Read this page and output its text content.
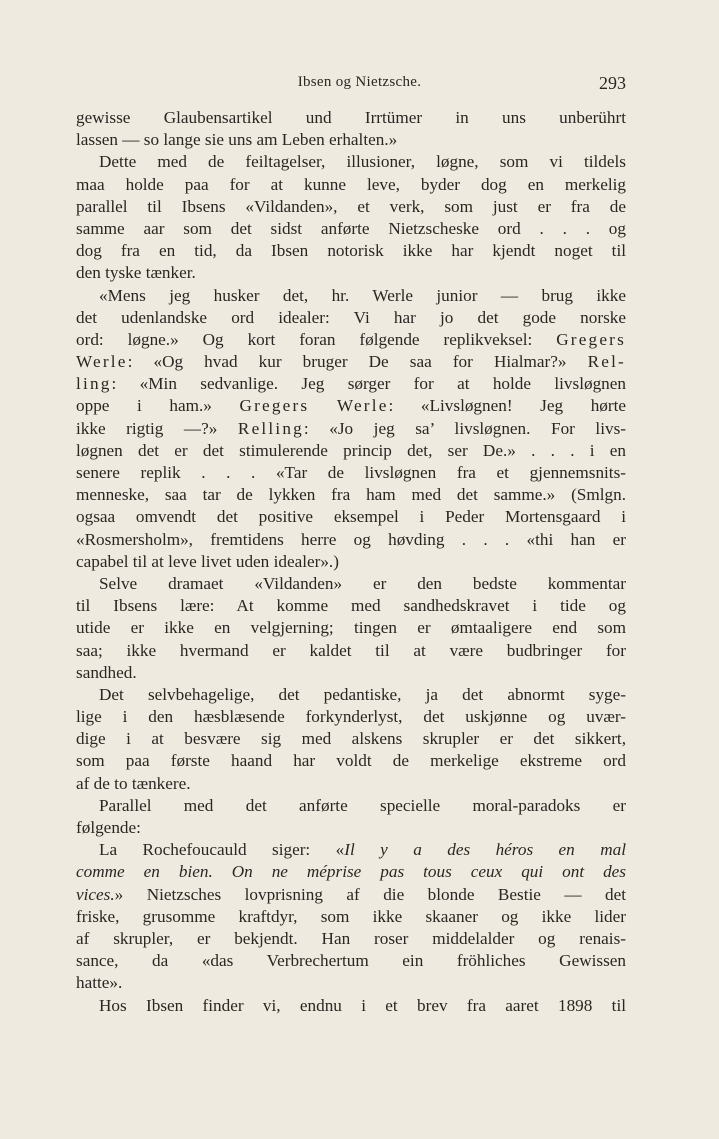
Ibsen og Nietzsche.	293
gewisse Glaubensartikel und Irrtümer in uns unberührt
lassen — so lange sie uns am Leben erhalten.»
Dette med de feiltagelser, illusioner, løgne, som vi tildels
maa holde paa for at kunne leve, byder dog en merkelig
parallel til Ibsens «Vildanden», et verk, som just er fra de
samme aar som det sidst anførte Nietzscheske ord . . . og
dog fra en tid, da Ibsen notorisk ikke har kjendt noget til
den tyske tænker.
«Mens jeg husker det, hr. Werle junior — brug ikke
det udenlandske ord idealer: Vi har jo det gode norske
ord: løgne.» Og kort foran følgende replikveksel: Gregers
Werle: «Og hvad kur bruger De saa for Hialmar?» Rel-
ling: «Min sedvanlige. Jeg sørger for at holde livsløgnen
oppe i ham.» Gregers Werle: «Livsløgnen! Jeg hørte
ikke rigtig —?» Relling: «Jo jeg sa’ livsløgnen. For livs-
løgnen det er det stimulerende princip det, ser De.» . . . i en
senere replik . . . «Tar de livsløgnen fra et gjennemsnits-
menneske, saa tar de lykken fra ham med det samme.» (Smlgn.
ogsaa omvendt det positive eksempel i Peder Mortensgaard i
«Rosmersholm», fremtidens herre og høvding . . . «thi han er
capabel til at leve livet uden idealer».)
Selve dramaet «Vildanden» er den bedste kommentar
til Ibsens lære: At komme med sandhedskravet i tide og
utide er ikke en velgjerning; tingen er ømtaaligere end som
saa; ikke hvermand er kaldet til at være budbringer for
sandhed.
Det selvbehagelige, det pedantiske, ja det abnormt syge-
lige i den hæsblæsende forkynderlyst, det uskjønne og uvær-
dige i at besvære sig med alskens skrupler er det sikkert,
som paa første haand har voldt de merkelige ekstreme ord
af de to tænkere.
Parallel med det anførte specielle moral-paradoks er
følgende:
La Rochefoucauld siger: «Il y a des héros en mal
comme en bien. On ne méprise pas tous ceux qui ont des
vices.» Nietzsches lovprisning af die blonde Bestie — det
friske, grusomme kraftdyr, som ikke skaaner og ikke lider
af skrupler, er bekjendt. Han roser middelalder og renais-
sance, da «das Verbrechertum ein fröhliches Gewissen
hatte».
Hos Ibsen finder vi, endnu i et brev fra aaret 1898 til
